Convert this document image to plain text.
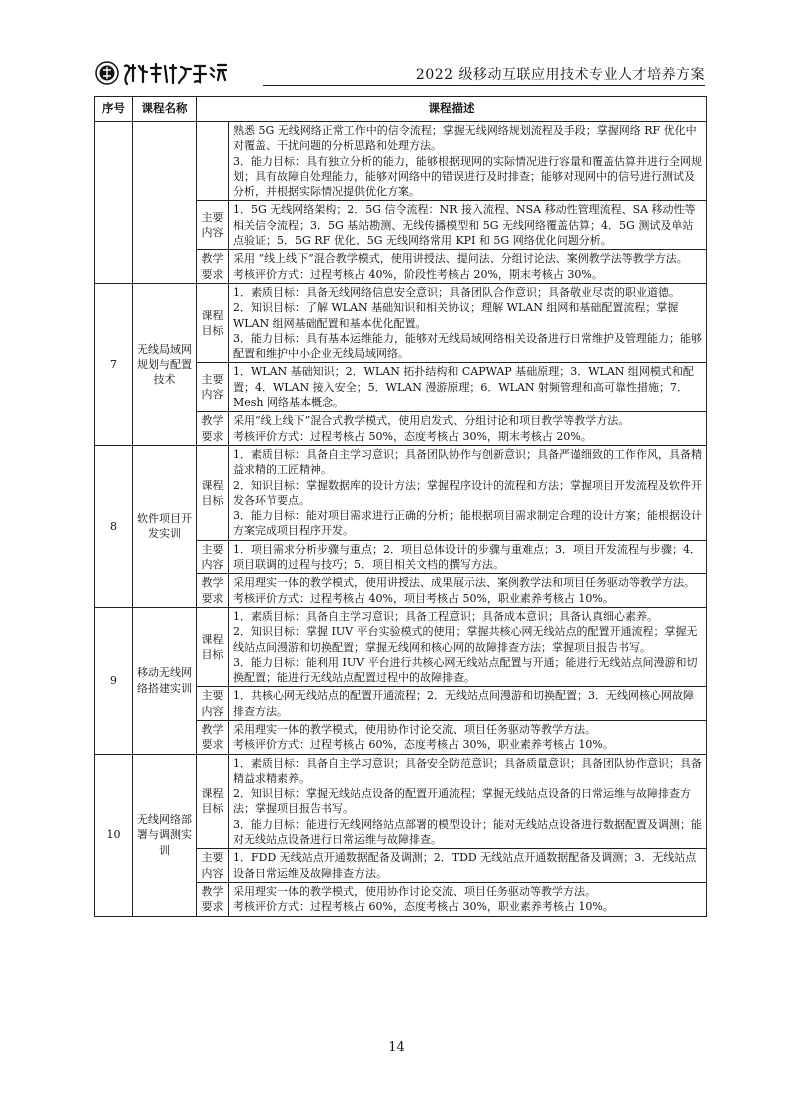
2022 级移动互联应用技术专业人才培养方案
序号	课程名称	课程描述	

			熟悉 5G 无线网络正常工作中的信令流程；掌握无线网络规划流程及手段；掌握网络 RF 优化中对覆盖、干扰问题的分析思路和处理方法。
3．能力目标：具有独立分析的能力，能够根据现网的实际情况进行容量和覆盖估算并进行全网规划；具有故障自处理能力，能够对网络中的错误进行及时排查；能够对现网中的信号进行测试及分析，并根据实际情况提供优化方案。

		主要内容	1．5G 无线网络架构；2．5G 信令流程：NR 接入流程、NSA 移动性管理流程、SA 移动性等相关信令流程；3．5G 基站勘测、无线传播模型和 5G 无线网络覆盖估算；4．5G 测试及单站点验证；5．5G RF 优化、5G 无线网络常用 KPI 和 5G 网络优化问题分析。

		教学要求	采用 “线上线下”混合教学模式，使用讲授法、提问法、分组讨论法、案例教学法等教学方法。
考核评价方式：过程考核占 40%，阶段性考核占 20%，期末考核占 30%。

7	无线局域网规划与配置技术	课程目标	1．素质目标：具备无线网络信息安全意识；具备团队合作意识；具备敬业尽责的职业道德。
2．知识目标：了解 WLAN 基础知识和相关协议；理解 WLAN 组网和基础配置流程；掌握 WLAN 组网基础配置和基本优化配置。
3．能力目标：具有基本运维能力，能够对无线局域网络相关设备进行日常维护及管理能力；能够配置和维护中小企业无线局域网络。

		主要内容	1．WLAN 基础知识；2．WLAN 拓扑结构和 CAPWAP 基础原理；3．WLAN 组网模式和配置；4．WLAN 接入安全；5．WLAN 漫游原理；6．WLAN 射频管理和高可靠性措施；7．Mesh 网络基本概念。

		教学要求	采用“线上线下”混合式教学模式，使用启发式、分组讨论和项目教学等教学方法。
考核评价方式：过程考核占 50%，态度考核占 30%，期末考核占 20%。

8	软件项目开发实训	课程目标	1．素质目标：具备自主学习意识；具备团队协作与创新意识；具备严谨细致的工作作风，具备精益求精的工匠精神。
2．知识目标：掌握数据库的设计方法；掌握程序设计的流程和方法；掌握项目开发流程及软件开发各环节要点。
3．能力目标：能对项目需求进行正确的分析；能根据项目需求制定合理的设计方案；能根据设计方案完成项目程序开发。

		主要内容	1．项目需求分析步骤与重点；2．项目总体设计的步骤与重难点；3．项目开发流程与步骤；4．项目联调的过程与技巧；5．项目相关文档的撰写方法。

		教学要求	采用理实一体的教学模式，使用讲授法、成果展示法、案例教学法和项目任务驱动等教学方法。
考核评价方式：过程考核占 40%，项目考核占 50%，职业素养考核占 10%。

9	移动无线网络搭建实训	课程目标	1．素质目标：具备自主学习意识；具备工程意识；具备成本意识；具备认真细心素养。
2．知识目标：掌握 IUV 平台实验模式的使用；掌握共核心网无线站点的配置开通流程；掌握无线站点间漫游和切换配置；掌握无线网和核心网的故障排查方法；掌握项目报告书写。
3．能力目标：能利用 IUV 平台进行共核心网无线站点配置与开通；能进行无线站点间漫游和切换配置；能进行无线站点配置过程中的故障排查。

		主要内容	1．共核心网无线站点的配置开通流程；2．无线站点间漫游和切换配置；3．无线网核心网故障排查方法。

		教学要求	采用理实一体的教学模式，使用协作讨论交流、项目任务驱动等教学方法。
考核评价方式：过程考核占 60%，态度考核占 30%，职业素养考核占 10%。

10	无线网络部署与调测实训	课程目标	1．素质目标：具备自主学习意识；具备安全防范意识；具备质量意识；具备团队协作意识；具备精益求精素养。
2．知识目标：掌握无线站点设备的配置开通流程；掌握无线站点设备的日常运维与故障排查方法；掌握项目报告书写。
3．能力目标：能进行无线网络站点部署的模型设计；能对无线站点设备进行数据配置及调测；能对无线站点设备进行日常运维与故障排查。

		主要内容	1．FDD 无线站点开通数据配备及调测；2．TDD 无线站点开通数据配备及调测；3．无线站点设备日常运维及故障排查方法。

		教学要求	采用理实一体的教学模式，使用协作讨论交流、项目任务驱动等教学方法。
考核评价方式：过程考核占 60%，态度考核占 30%，职业素养考核占 10%。
14
